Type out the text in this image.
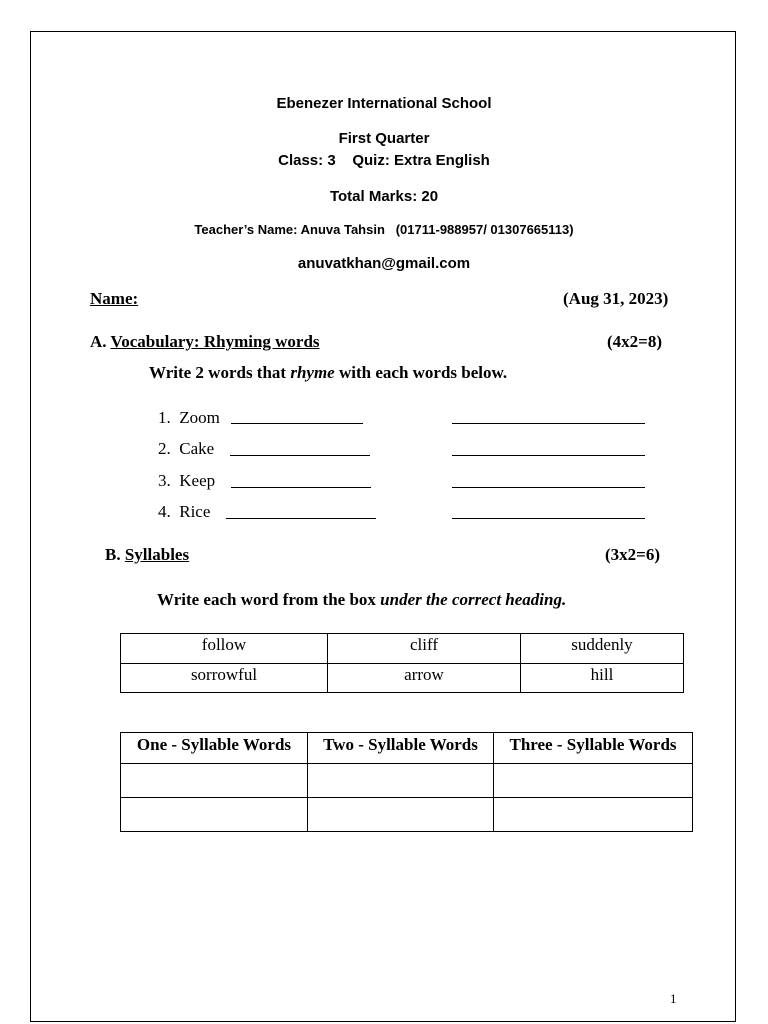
Ebenezer International School
First Quarter
Class: 3    Quiz: Extra English
Total Marks: 20
Teacher’s Name: Anuva Tahsin   (01711-988957/ 01307665113)
anuvatkhan@gmail.com
Name:	(Aug 31, 2023)
A. Vocabulary: Rhyming words	(4x2=8)
Write 2 words that rhyme with each words below.
1. Zoom
2. Cake
3. Keep
4. Rice
B. Syllables	(3x2=6)
Write each word from the box under the correct heading.
follow	cliff	suddenly
sorrowful	arrow	hill
One - Syllable Words	Two - Syllable Words	Three - Syllable Words

1
